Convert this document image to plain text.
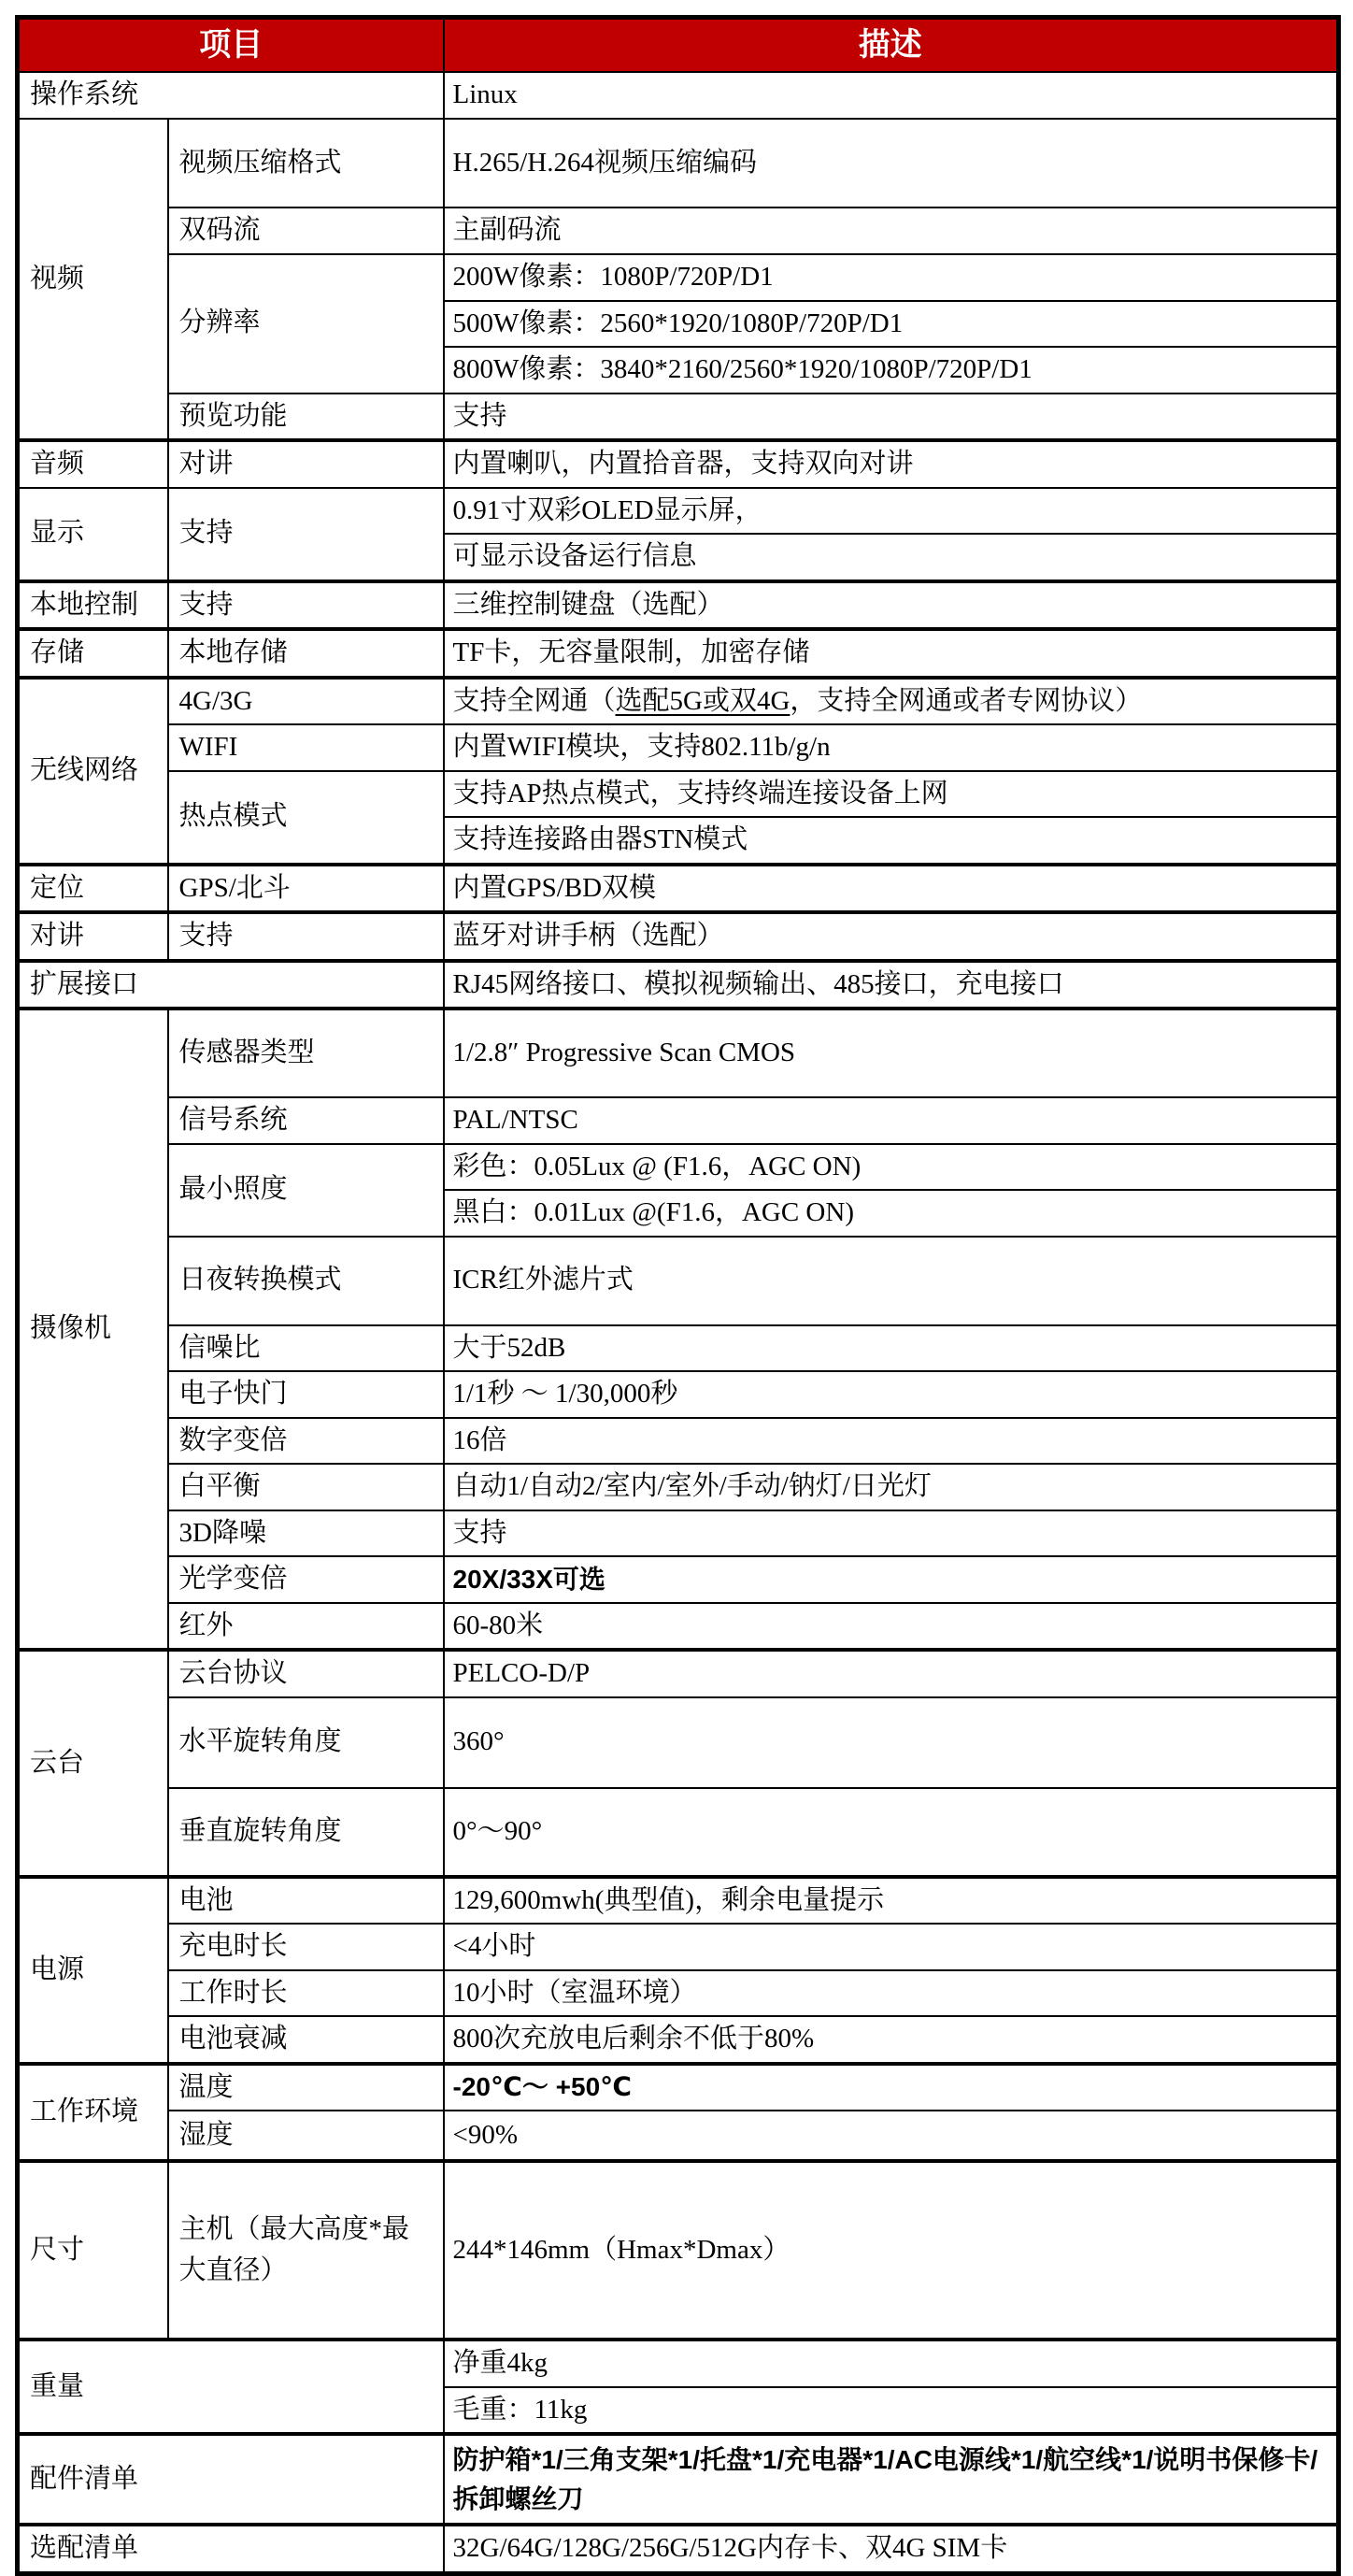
项目		描述
操作系统		Linux
视频	视频压缩格式	H.265/H.264视频压缩编码
	双码流	主副码流
	分辨率	200W像素：1080P/720P/D1
		500W像素：2560*1920/1080P/720P/D1
		800W像素：3840*2160/2560*1920/1080P/720P/D1
	预览功能	支持
音频	对讲	内置喇叭，内置拾音器，支持双向对讲
显示	支持	0.91寸双彩OLED显示屏，
		可显示设备运行信息
本地控制	支持	三维控制键盘（选配）
存储	本地存储	TF卡，无容量限制，加密存储
无线网络	4G/3G	支持全网通（选配5G或双4G，支持全网通或者专网协议）
	WIFI	内置WIFI模块，支持802.11b/g/n
	热点模式	支持AP热点模式，支持终端连接设备上网
		支持连接路由器STN模式
定位	GPS/北斗	内置GPS/BD双模
对讲	支持	蓝牙对讲手柄（选配）
扩展接口		RJ45网络接口、模拟视频输出、485接口，充电接口
摄像机	传感器类型	1/2.8″ Progressive Scan CMOS
	信号系统	PAL/NTSC
	最小照度	彩色：0.05Lux @ (F1.6，AGC ON)
		黑白：0.01Lux @(F1.6，AGC ON)
	日夜转换模式	ICR红外滤片式
	信噪比	大于52dB
	电子快门	1/1秒 ～ 1/30,000秒
	数字变倍	16倍
	白平衡	自动1/自动2/室内/室外/手动/钠灯/日光灯
	3D降噪	支持
	光学变倍	20X/33X可选
	红外	60-80米
云台	云台协议	PELCO-D/P
	水平旋转角度	360°
	垂直旋转角度	0°～90°
电源	电池	129,600mwh(典型值)，剩余电量提示
	充电时长	<4小时
	工作时长	10小时（室温环境）
	电池衰减	800次充放电后剩余不低于80%
工作环境	温度	-20℃～ +50℃
	湿度	<90%
尺寸	主机（最大高度*最大直径）	244*146mm（Hmax*Dmax）
重量		净重4kg
		毛重：11kg
配件清单		防护箱*1/三角支架*1/托盘*1/充电器*1/AC电源线*1/航空线*1/说明书保修卡/拆卸螺丝刀
选配清单		32G/64G/128G/256G/512G内存卡、双4G SIM卡
